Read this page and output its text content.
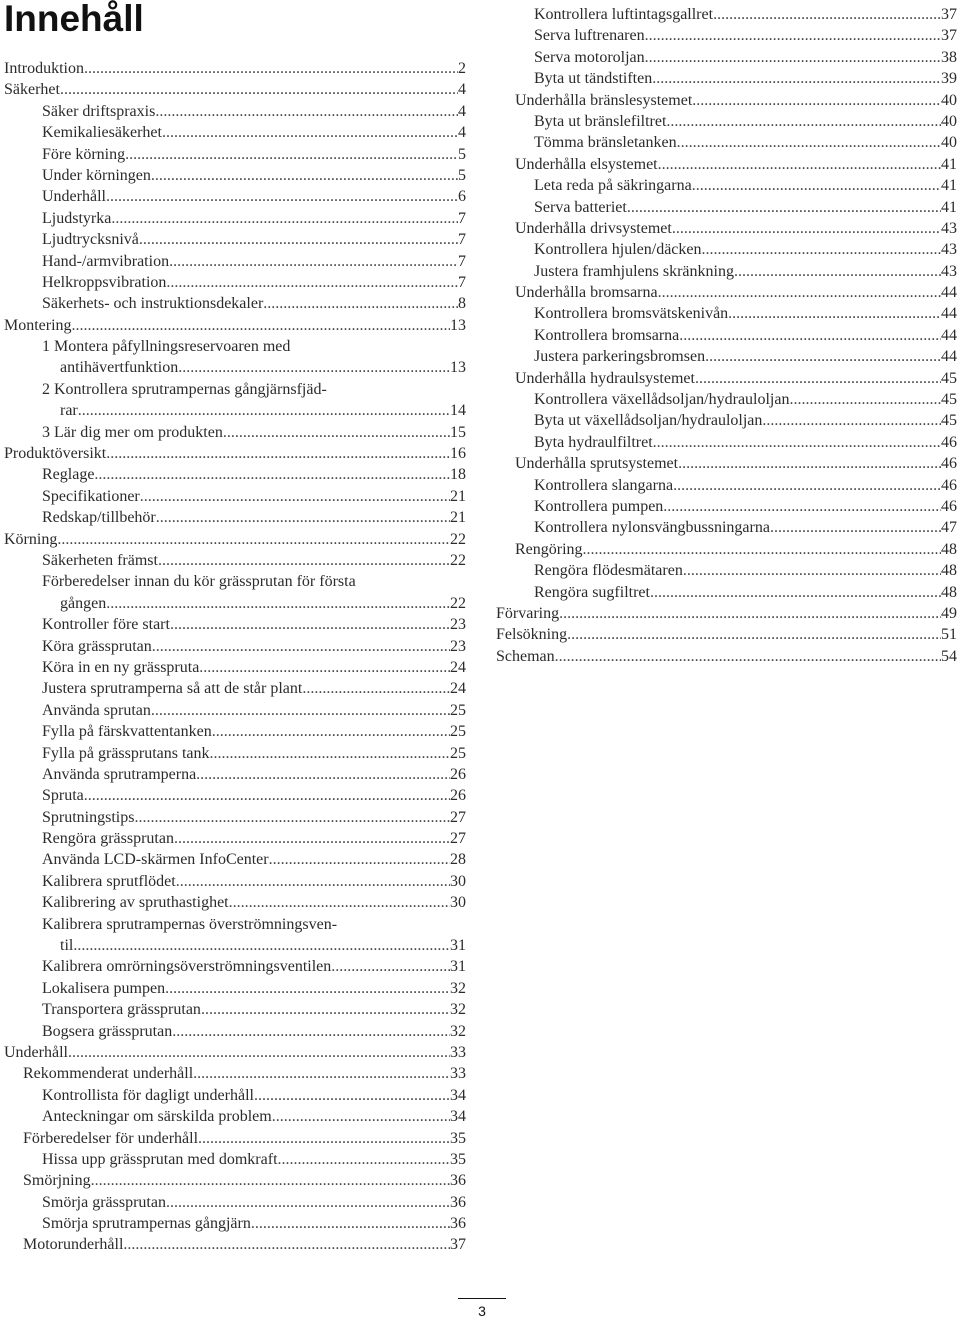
Innehåll
Introduktion .....	2
Säkerhet .....	4
Säker driftspraxis .....	4
Kemikaliesäkerhet .....	4
Före körning .....	5
Under körningen .....	5
Underhåll .....	6
Ljudstyrka .....	7
Ljudtrycksnivå .....	7
Hand-/armvibration .....	7
Helkroppsvibration .....	7
Säkerhets- och instruktionsdekaler .....	8
Montering .....	13
1 Montera påfyllningsreservoaren med
antihävertfunktion .....	13
2 Kontrollera sprutrampernas gångjärnsfjäd-
rar .....	14
3 Lär dig mer om produkten .....	15
Produktöversikt .....	16
Reglage .....	18
Specifikationer .....	21
Redskap/tillbehör .....	21
Körning .....	22
Säkerheten främst .....	22
Förberedelser innan du kör grässprutan för första
gången .....	22
Kontroller före start .....	23
Köra grässprutan .....	23
Köra in en ny grässpruta .....	24
Justera sprutramperna så att de står plant .....	24
Använda sprutan .....	25
Fylla på färskvattentanken .....	25
Fylla på grässprutans tank .....	25
Använda sprutramperna .....	26
Spruta .....	26
Sprutningstips .....	27
Rengöra grässprutan .....	27
Använda LCD-skärmen InfoCenter .....	28
Kalibrera sprutflödet .....	30
Kalibrering av spruthastighet .....	30
Kalibrera sprutrampernas överströmningsven-
til .....	31
Kalibrera omrörningsöverströmningsventilen .....	31
Lokalisera pumpen .....	32
Transportera grässprutan .....	32
Bogsera grässprutan .....	32
Underhåll .....	33
Rekommenderat underhåll .....	33
Kontrollista för dagligt underhåll .....	34
Anteckningar om särskilda problem .....	34
Förberedelser för underhåll .....	35
Hissa upp grässprutan med domkraft .....	35
Smörjning .....	36
Smörja grässprutan .....	36
Smörja sprutrampernas gångjärn .....	36
Motorunderhåll .....	37
Kontrollera luftintagsgallret .....	37
Serva luftrenaren .....	37
Serva motoroljan .....	38
Byta ut tändstiften .....	39
Underhålla bränslesystemet .....	40
Byta ut bränslefiltret .....	40
Tömma bränsletanken .....	40
Underhålla elsystemet .....	41
Leta reda på säkringarna .....	41
Serva batteriet .....	41
Underhålla drivsystemet .....	43
Kontrollera hjulen/däcken .....	43
Justera framhjulens skränkning .....	43
Underhålla bromsarna .....	44
Kontrollera bromsvätskenivån .....	44
Kontrollera bromsarna .....	44
Justera parkeringsbromsen .....	44
Underhålla hydraulsystemet .....	45
Kontrollera växellådsoljan/hydrauloljan .....	45
Byta ut växellådsoljan/hydrauloljan .....	45
Byta hydraulfiltret .....	46
Underhålla sprutsystemet .....	46
Kontrollera slangarna .....	46
Kontrollera pumpen .....	46
Kontrollera nylonsvängbussningarna .....	47
Rengöring .....	48
Rengöra flödesmätaren .....	48
Rengöra sugfiltret .....	48
Förvaring .....	49
Felsökning .....	51
Scheman .....	54
3
